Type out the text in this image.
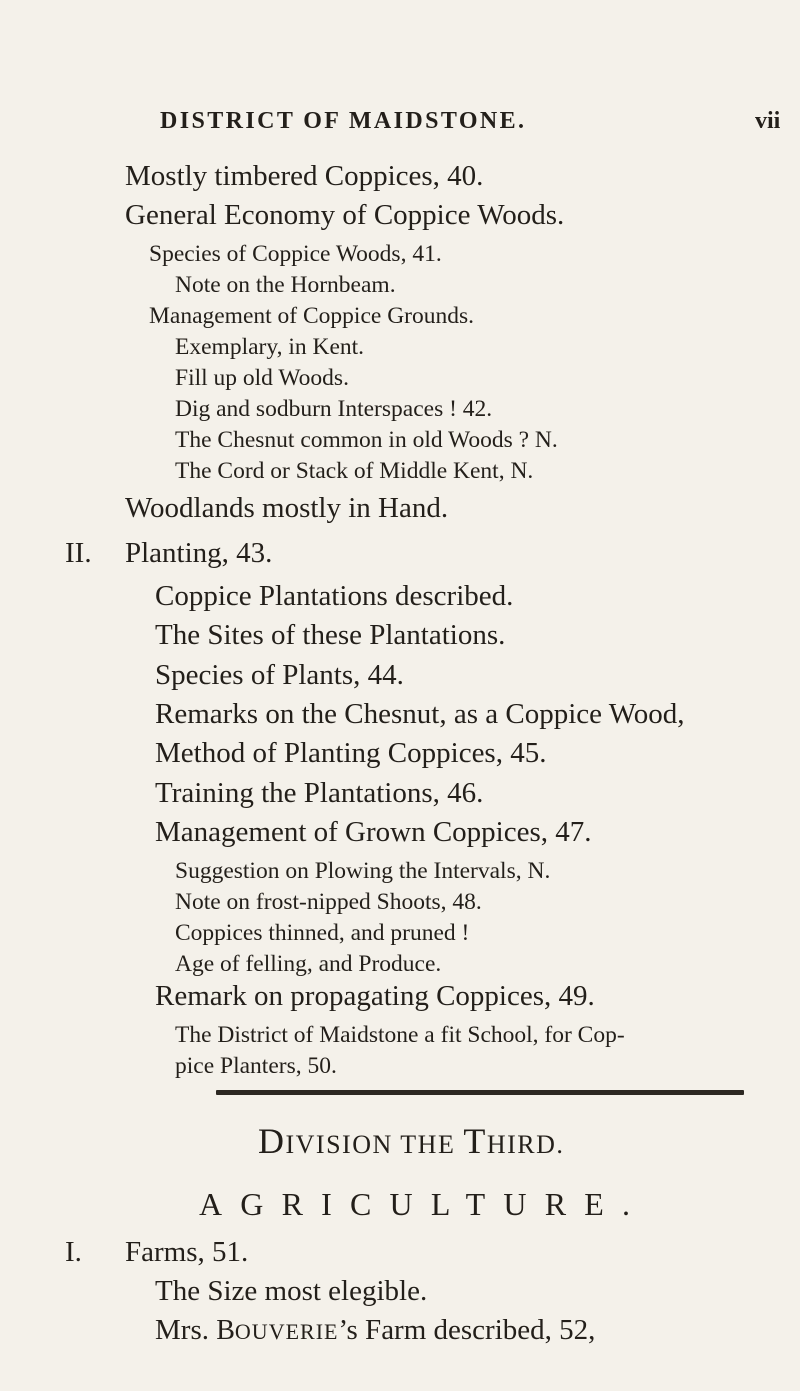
DISTRICT OF MAIDSTONE.	vii
Mostly timbered Coppices, 40.
General Economy of Coppice Woods.
Species of Coppice Woods, 41.
Note on the Hornbeam.
Management of Coppice Grounds.
Exemplary, in Kent.
Fill up old Woods.
Dig and sodburn Interspaces ! 42.
The Chesnut common in old Woods ? N.
The Cord or Stack of Middle Kent, N.
Woodlands mostly in Hand.
II. Planting, 43.
Coppice Plantations described.
The Sites of these Plantations.
Species of Plants, 44.
Remarks on the Chesnut, as a Coppice Wood,
Method of Planting Coppices, 45.
Training the Plantations, 46.
Management of Grown Coppices, 47.
Suggestion on Plowing the Intervals, N.
Note on frost-nipped Shoots, 48.
Coppices thinned, and pruned !
Age of felling, and Produce.
Remark on propagating Coppices, 49.
The District of Maidstone a fit School, for Cop-
pice Planters, 50.
DIVISION THE THIRD.
AGRICULTURE.
I. Farms, 51.
The Size most elegible.
Mrs. BOUVERIE’s Farm described, 52,
